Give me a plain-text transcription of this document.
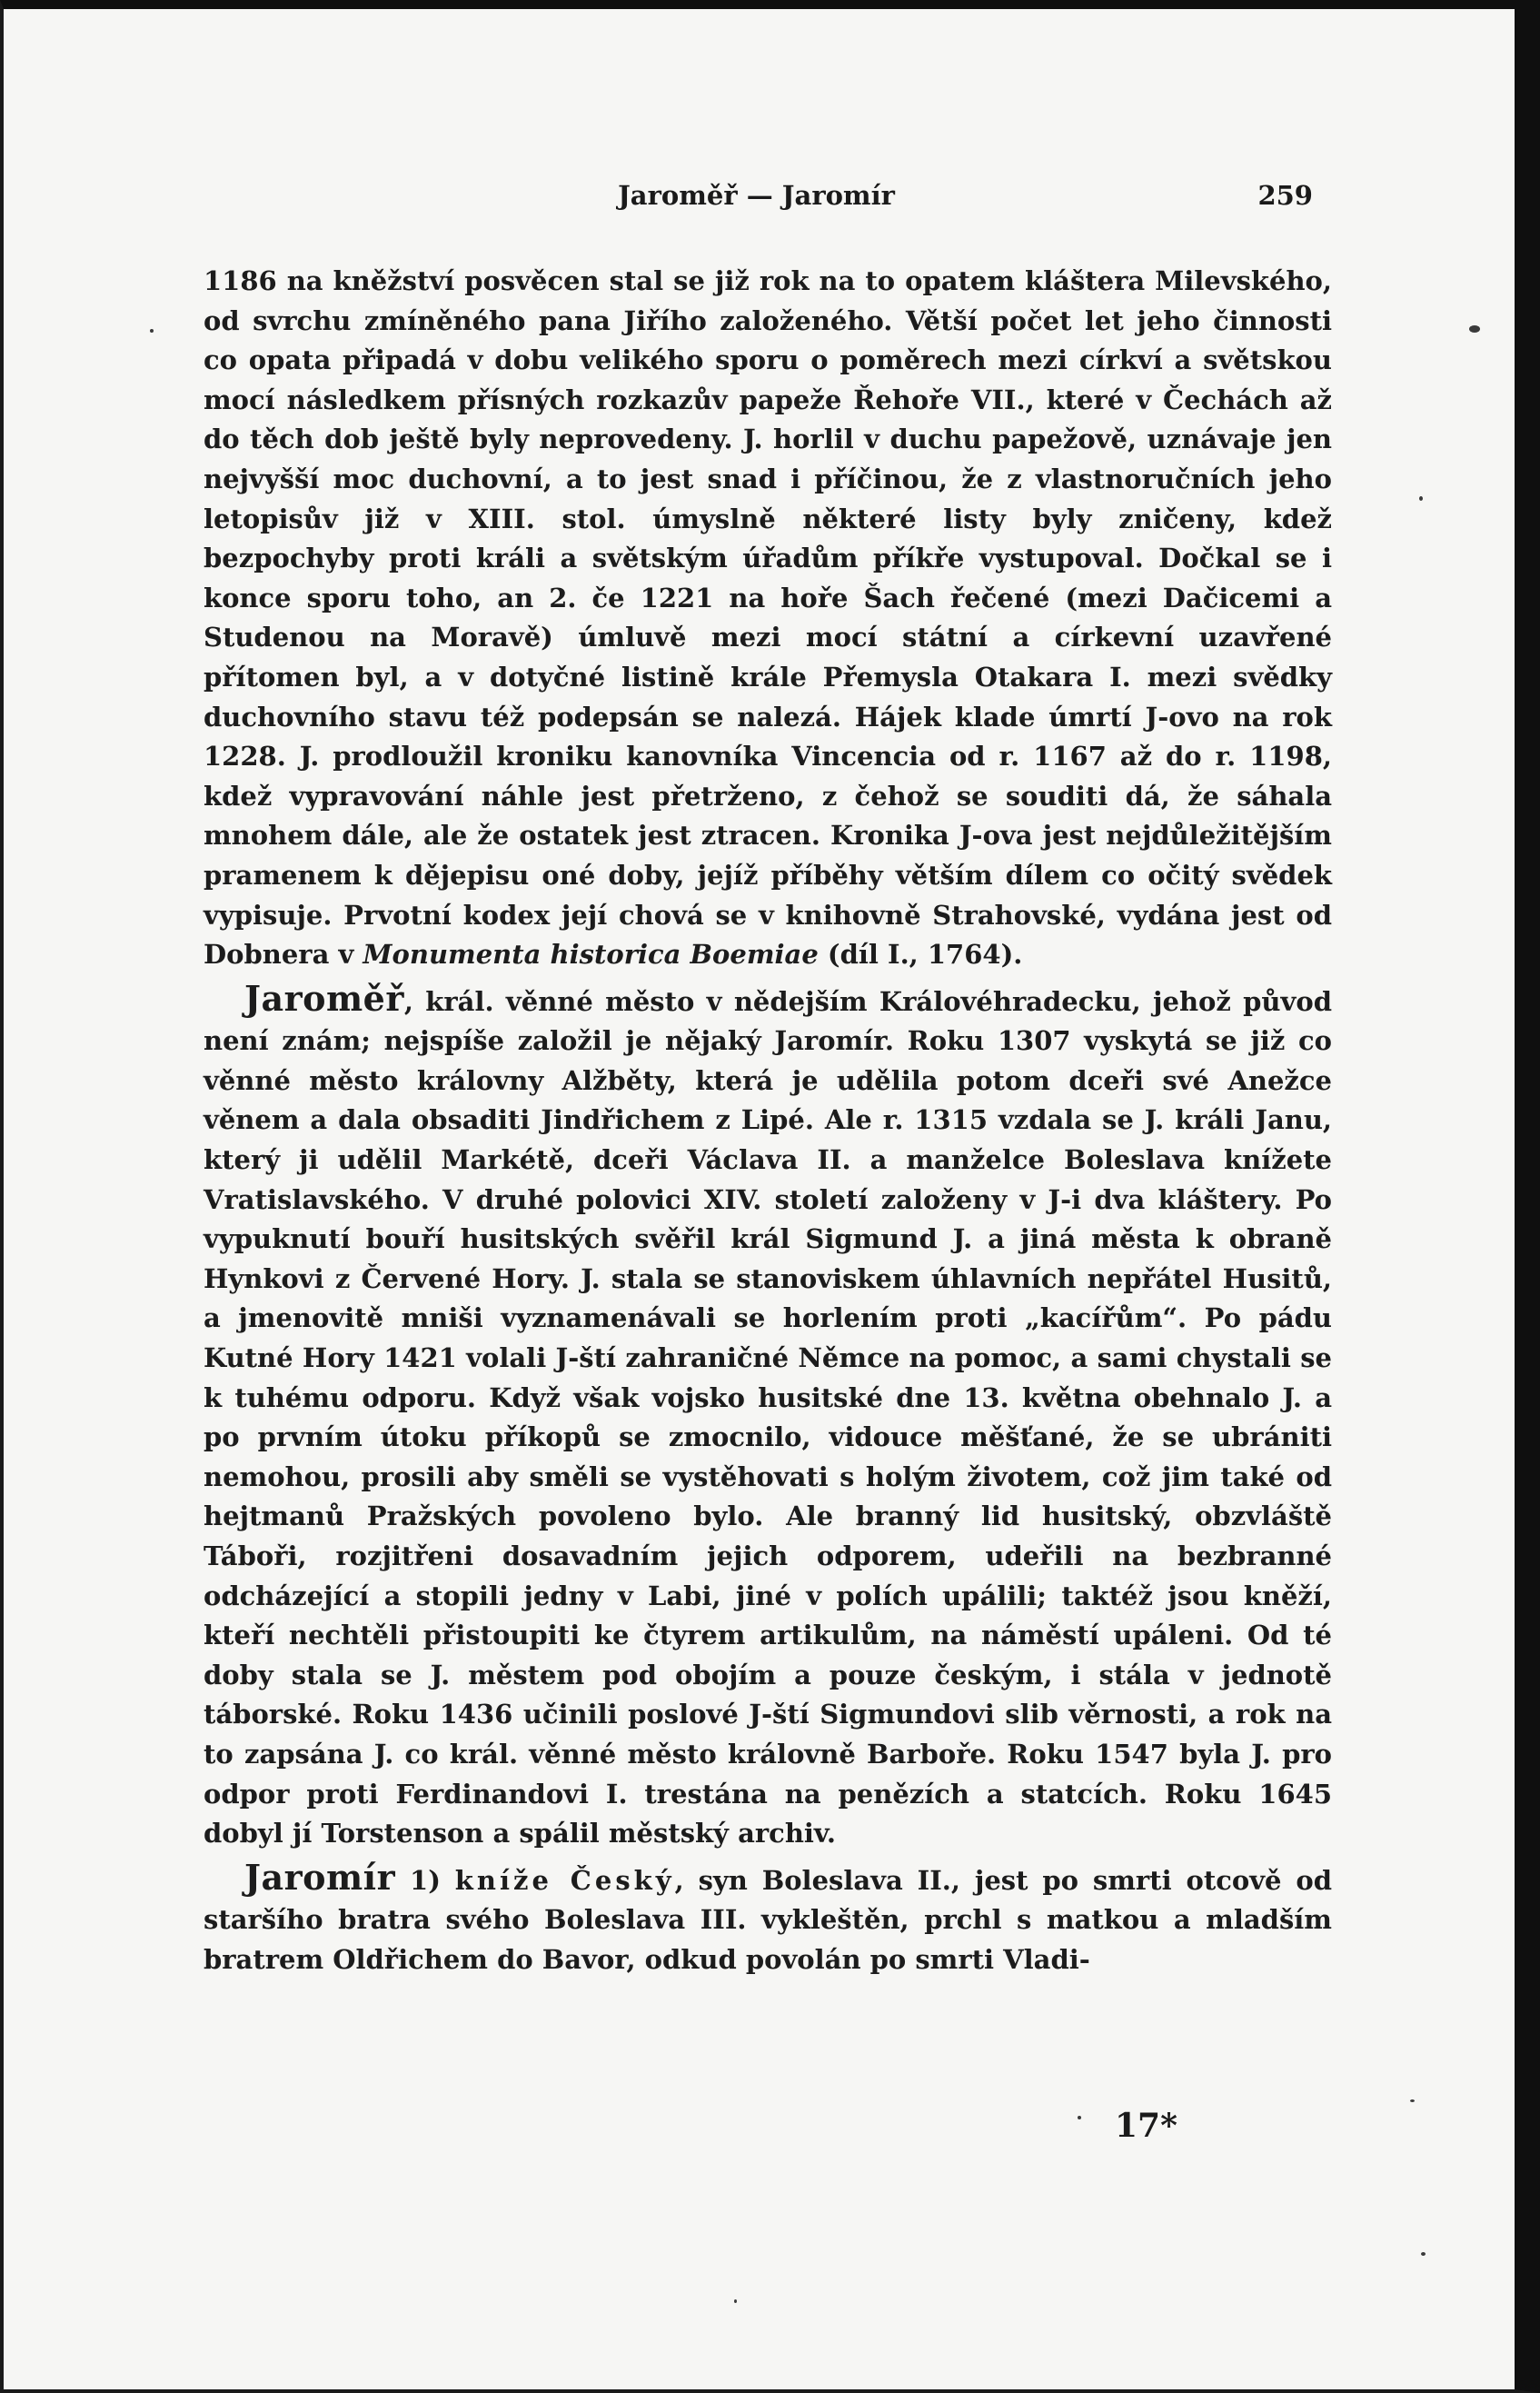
Jaroměř — Jaromír	259

1186 na kněžství posvěcen stal se již rok na to opatem kláštera Milevského, od svrchu zmíněného pana Jiřího založeného. Větší počet let jeho činnosti co opata připadá v dobu velikého sporu o poměrech mezi církví a světskou mocí následkem přísných rozkazův papeže Řehoře VII., které v Čechách až do těch dob ještě byly neprovedeny. J. horlil v duchu papežově, uznávaje jen nejvyšší moc duchovní, a to jest snad i příčinou, že z vlastnoručních jeho letopisův již v XIII. stol. úmyslně některé listy byly zničeny, kdež bezpochyby proti králi a světským úřadům příkře vystupoval. Dočkal se i konce sporu toho, an 2. če 1221 na hoře Šach řečené (mezi Dačicemi a Studenou na Moravě) úmluvě mezi mocí státní a církevní uzavřené přítomen byl, a v dotyčné listině krále Přemysla Otakara I. mezi svědky duchovního stavu též podepsán se nalezá. Hájek klade úmrtí J-ovo na rok 1228. J. prodloužil kroniku kanovníka Vincencia od r. 1167 až do r. 1198, kdež vypravování náhle jest přetrženo, z čehož se souditi dá, že sáhala mnohem dále, ale že ostatek jest ztracen. Kronika J-ova jest nejdůležitějším pramenem k dějepisu oné doby, jejíž příběhy větším dílem co očitý svědek vypisuje. Prvotní kodex její chová se v knihovně Strahovské, vydána jest od Dobnera v Monumenta historica Boemiae (díl I., 1764).

Jaroměř, král. věnné město v nědejším Královéhradecku, jehož původ není znám; nejspíše založil je nějaký Jaromír. Roku 1307 vyskytá se již co věnné město královny Alžběty, která je udělila potom dceři své Anežce věnem a dala obsaditi Jindřichem z Lipé. Ale r. 1315 vzdala se J. králi Janu, který ji udělil Markétě, dceři Václava II. a manželce Boleslava knížete Vratislavského. V druhé polovici XIV. století založeny v J-i dva kláštery. Po vypuknutí bouří husitských svěřil král Sigmund J. a jiná města k obraně Hynkovi z Červené Hory. J. stala se stanoviskem úhlavních nepřátel Husitů, a jmenovitě mniši vyznamenávali se horlením proti „kacířům“. Po pádu Kutné Hory 1421 volali J-ští zahraničné Němce na pomoc, a sami chystali se k tuhému odporu. Když však vojsko husitské dne 13. května obehnalo J. a po prvním útoku příkopů se zmocnilo, vidouce měšťané, že se ubrániti nemohou, prosili aby směli se vystěhovati s holým životem, což jim také od hejtmanů Pražských povoleno bylo. Ale branný lid husitský, obzvláště Táboři, rozjitřeni dosavadním jejich odporem, udeřili na bezbranné odcházející a stopili jedny v Labi, jiné v polích upálili; taktéž jsou kněží, kteří nechtěli přistoupiti ke čtyrem artikulům, na náměstí upáleni. Od té doby stala se J. městem pod obojím a pouze českým, i stála v jednotě táborské. Roku 1436 učinili poslové J-ští Sigmundovi slib věrnosti, a rok na to zapsána J. co král. věnné město královně Barboře. Roku 1547 byla J. pro odpor proti Ferdinandovi I. trestána na penězích a statcích. Roku 1645 dobyl jí Torstenson a spálil městský archiv.

Jaromír 1) kníže Český, syn Boleslava II., jest po smrti otcově od staršího bratra svého Boleslava III. vykleštěn, prchl s matkou a mladším bratrem Oldřichem do Bavor, odkud povolán po smrti Vladi-

17*
